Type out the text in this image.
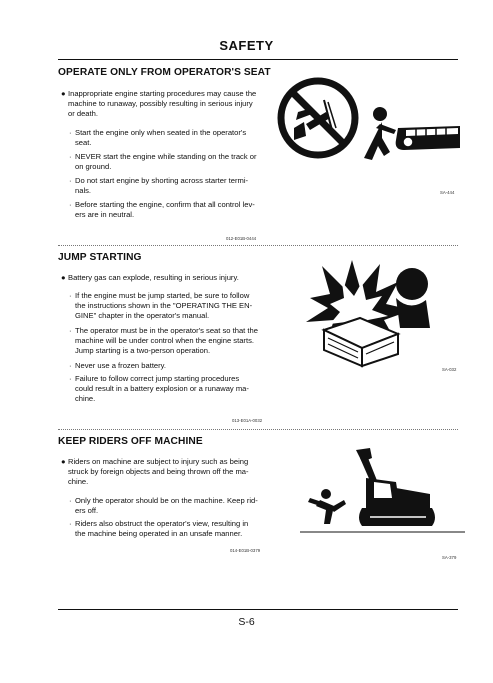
SAFETY
OPERATE ONLY FROM OPERATOR'S SEAT
● Inappropriate engine starting procedures may cause the
machine to runaway, possibly resulting in serious injury
or death.
· Start the engine only when seated in the operator's
seat.
· NEVER start the engine while standing on the track or
on ground.
· Do not start engine by shorting across starter termi-
nals.
· Before starting the engine, confirm that all control lev-
ers are in neutral.
012-E01B-0444
SA-444
JUMP STARTING
● Battery gas can explode, resulting in serious injury.
· If the engine must be jump started, be sure to follow
the instructions shown in the "OPERATING THE EN-
GINE" chapter in the operator's manual.
· The operator must be in the operator's seat so that the
machine will be under control when the engine starts.
Jump starting is a two-person operation.
· Never use a frozen battery.
· Failure to follow correct jump starting procedures
could result in a battery explosion or a runaway ma-
chine.
013-E01A-0032
SA-032
KEEP RIDERS OFF MACHINE
● Riders on machine are subject to injury such as being
struck by foreign objects and being thrown off the ma-
chine.
· Only the operator should be on the machine. Keep rid-
ers off.
· Riders also obstruct the operator's view, resulting in
the machine being operated in an unsafe manner.
014-E01B-0379
SA-379
S-6
